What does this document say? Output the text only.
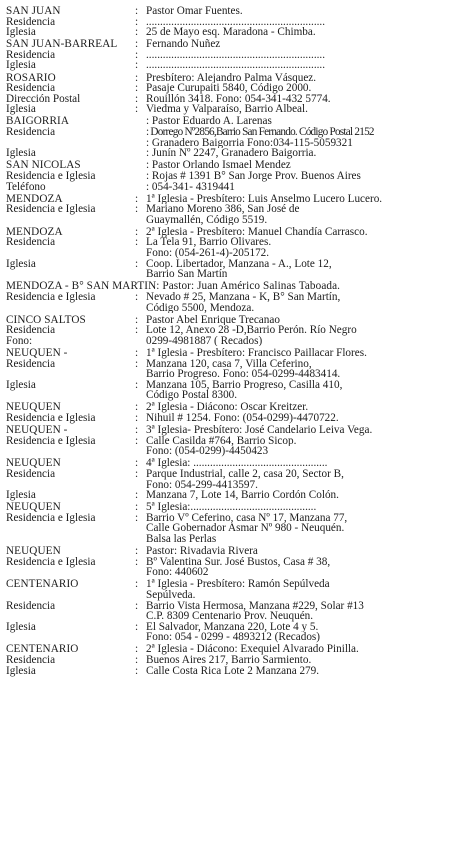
SAN JUAN	: Pastor Omar Fuentes.
Residencia	: ................................................................
Iglesia	: 25 de Mayo esq. Maradona - Chimba.
SAN JUAN-BARREAL : Fernando Nuñez
Residencia	: ................................................................
Iglesia	: ................................................................
ROSARIO	: Presbítero: Alejandro Palma Vásquez.
Residencia	: Pasaje Curupaiti 5840, Código 2000.
Dirección Postal	: Rouillón 3418. Fono: 054-341-432 5774.
Iglesia	: Viedma y Valparaíso, Barrio Albeal.
BAIGORRIA	: Pastor Eduardo A. Larenas
Residencia	: Dorrego Nº2856,Barrio San Fernando. Código Postal 2152
: Granadero Baigorria Fono:034-115-5059321
Iglesia	: Junín Nº 2247, Granadero Baigorria.
SAN NICOLAS	: Pastor Orlando Ismael Mendez
Residencia e Iglesia	: Rojas # 1391 B° San Jorge Prov. Buenos Aires
Teléfono	: 054-341- 4319441
MENDOZA	: 1ª Iglesia - Presbítero: Luis Anselmo Lucero Lucero.
Residencia e Iglesia	: Mariano Moreno 386, San José de
Guaymallén, Código 5519.
MENDOZA	: 2ª Iglesia - Presbítero: Manuel Chandía Carrasco.
Residencia	: La Tela 91, Barrio Olivares.
Fono: (054-261-4)-205172.
Iglesia	: Coop. Libertador, Manzana - A., Lote 12,
Barrio San Martín
MENDOZA - B° SAN MARTIN: Pastor: Juan Américo Salinas Taboada.
Residencia e Iglesia	: Nevado # 25, Manzana - K, B° San Martín,
Código 5500, Mendoza.
CINCO SALTOS	: Pastor Abel Enrique Trecanao
Residencia	: Lote 12, Anexo 28 -D,Barrio Perón. Río Negro
Fono:	0299-4981887 ( Recados)
NEUQUEN -	: 1ª Iglesia - Presbítero: Francisco Paillacar Flores.
Residencia	: Manzana 120, casa 7, Villa Ceferino,
Barrio Progreso. Fono: 054-0299-4483414.
Iglesia	: Manzana 105, Barrio Progreso, Casilla 410,
Código Postal 8300.
NEUQUEN	: 2ª Iglesia - Diácono: Oscar Kreitzer.
Residencia e Iglesia	: Nihuil # 1254. Fono: (054-0299)-4470722.
NEUQUEN -	: 3ª Iglesia- Presbítero: José Candelario Leiva Vega.
Residencia e Iglesia	: Calle Casilda #764, Barrio Sicop.
Fono: (054-0299)-4450423
NEUQUEN	: 4ª Iglesia: ................................................
Residencia	: Parque Industrial, calle 2, casa 20, Sector B,
Fono: 054-299-4413597.
Iglesia	: Manzana 7, Lote 14, Barrio Cordón Colón.
NEUQUEN	: 5ª Iglesia:.............................................
Residencia e Iglesia	: Barrio Vº Ceferino, casa Nº 17, Manzana 77,
Calle Gobernador Asmar Nº 980 - Neuquén.
Balsa las Perlas
NEUQUEN	: Pastor: Rivadavia Rivera
Residencia e Iglesia	: Bº Valentina Sur. José Bustos, Casa # 38,
Fono: 440602
CENTENARIO	: 1ª Iglesia - Presbítero: Ramón Sepúlveda
Sepúlveda.
Residencia	: Barrio Vista Hermosa, Manzana #229, Solar #13
C.P. 8309 Centenario Prov. Neuquén.
Iglesia	: El Salvador, Manzana 220, Lote 4 y 5.
Fono: 054 - 0299 - 4893212 (Recados)
CENTENARIO	: 2ª Iglesia - Diácono: Exequiel Alvarado Pinilla.
Residencia	: Buenos Aires 217, Barrio Sarmiento.
Iglesia	: Calle Costa Rica Lote 2 Manzana 279.
